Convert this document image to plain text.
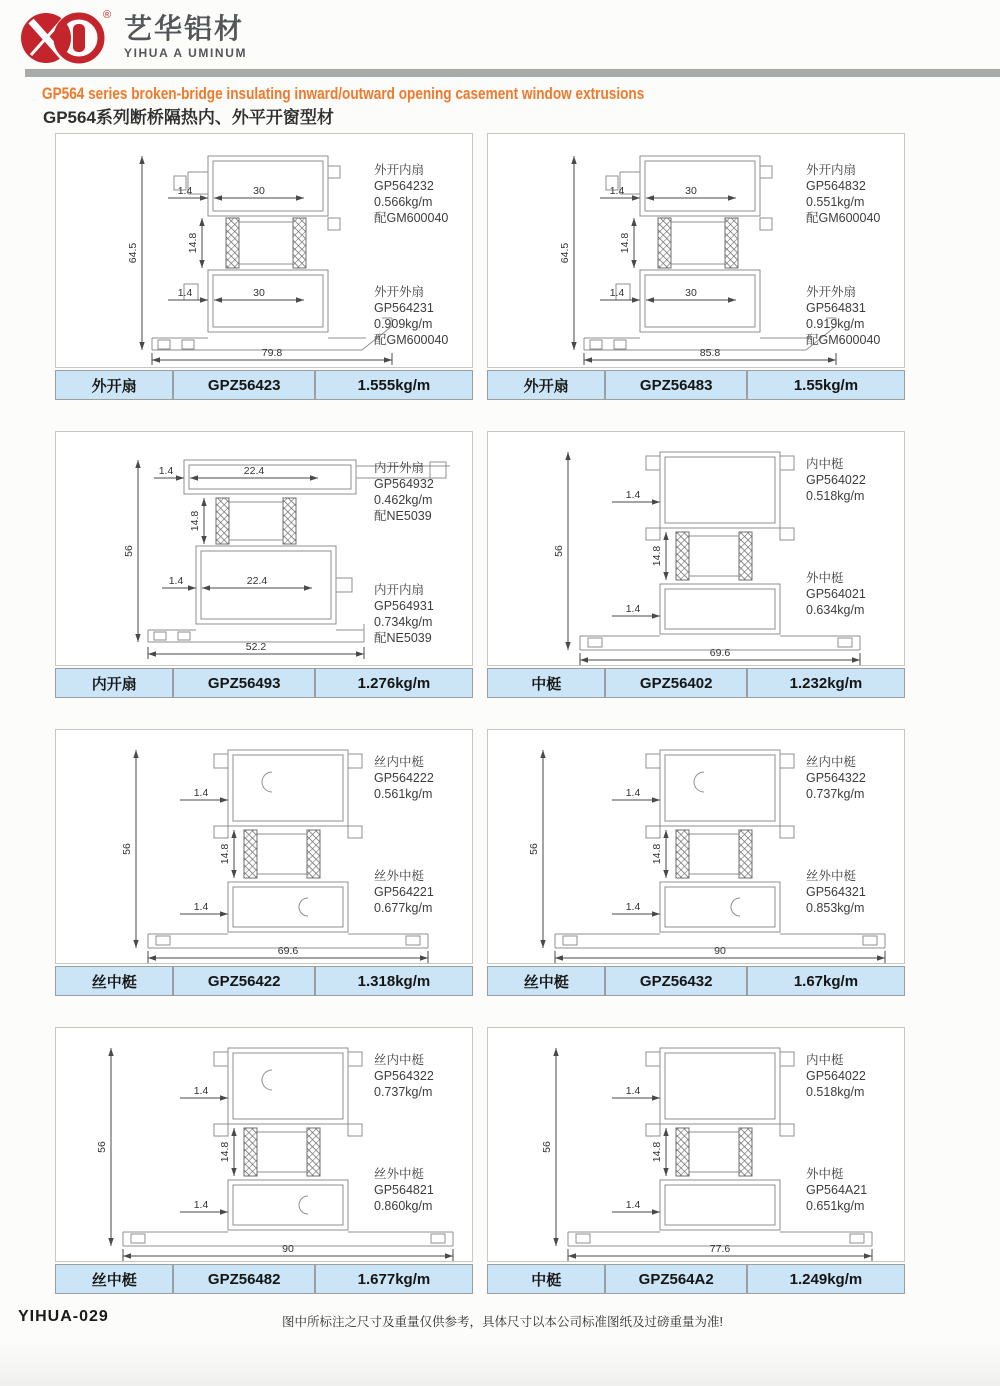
® 艺华铝材
YIHUA A UMINUM
GP564 series broken-bridge insulating inward/outward opening casement window extrusions
GP564系列断桥隔热内、外平开窗型材
64.5
1.4	30
14.8
1.4	30
79.8
外开内扇
GP564232
0.566kg/m
配GM600040
外开外扇
GP564231
0.909kg/m
配GM600040
外开扇	GPZ56423	1.555kg/m
64.5
1.4	30
14.8
1.4	30
85.8
外开内扇
GP564832
0.551kg/m
配GM600040
外开外扇
GP564831
0.919kg/m
配GM600040
外开扇	GPZ56483	1.55kg/m
56
1.4	22.4
14.8
1.4	22.4
52.2
内开外扇
GP564932
0.462kg/m
配NE5039
内开内扇
GP564931
0.734kg/m
配NE5039
内开扇	GPZ56493	1.276kg/m
56
1.4
14.8
1.4
69.6
内中梃
GP564022
0.518kg/m
外中梃
GP564021
0.634kg/m
中梃	GPZ56402	1.232kg/m
56
1.4
14.8
1.4
69.6
丝内中梃
GP564222
0.561kg/m
丝外中梃
GP564221
0.677kg/m
丝中梃	GPZ56422	1.318kg/m
56
1.4
14.8
1.4
90
丝内中梃
GP564322
0.737kg/m
丝外中梃
GP564321
0.853kg/m
丝中梃	GPZ56432	1.67kg/m
56
1.4
14.8
1.4
90
丝内中梃
GP564322
0.737kg/m
丝外中梃
GP564821
0.860kg/m
丝中梃	GPZ56482	1.677kg/m
56
1.4
14.8
1.4
77.6
内中梃
GP564022
0.518kg/m
外中梃
GP564A21
0.651kg/m
中梃	GPZ564A2	1.249kg/m
YIHUA-029	图中所标注之尺寸及重量仅供参考，具体尺寸以本公司标准图纸及过磅重量为准!
